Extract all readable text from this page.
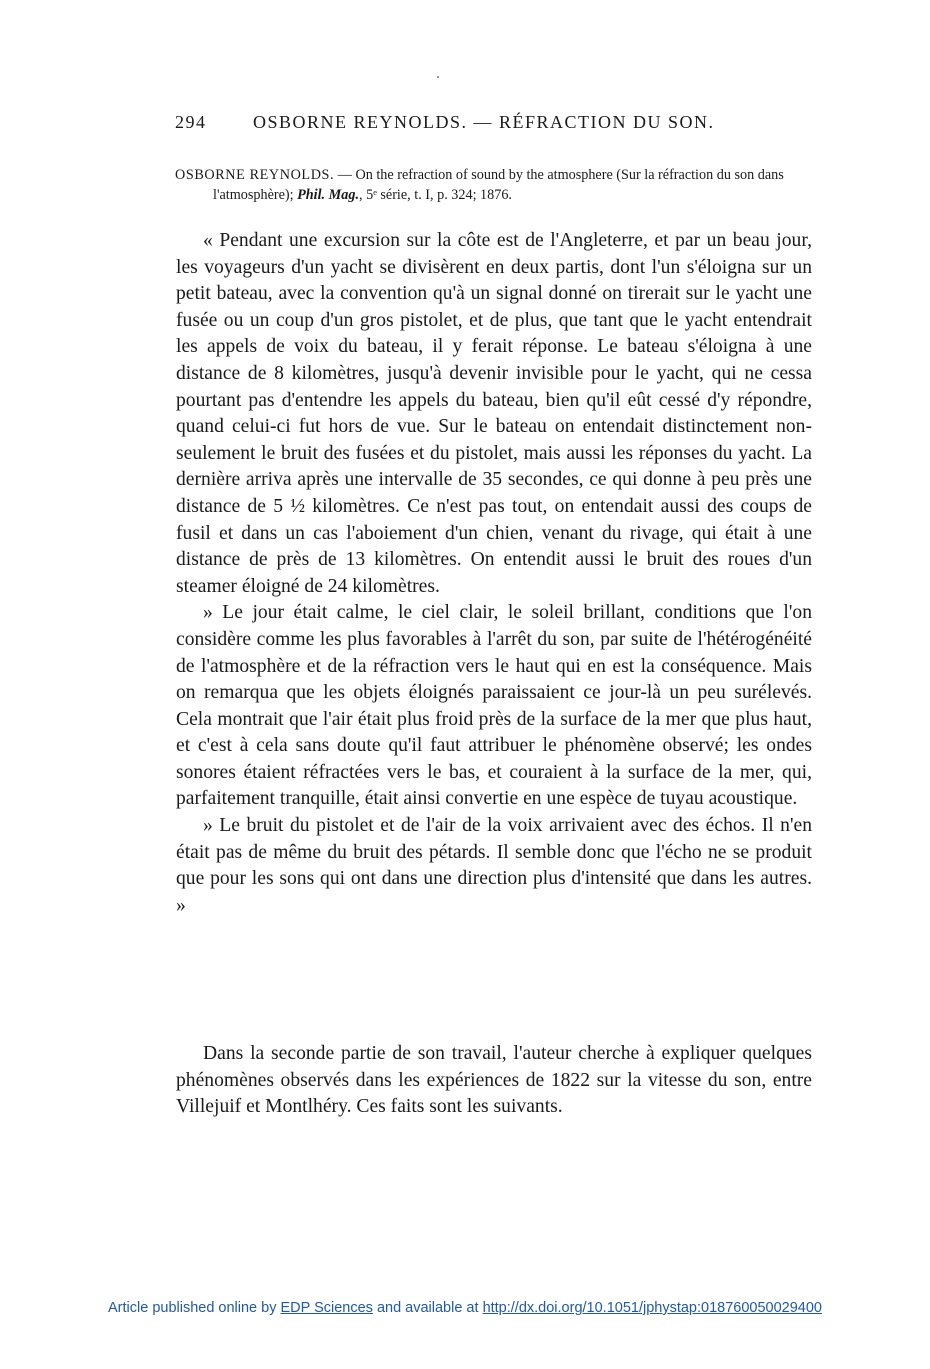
294	OSBORNE REYNOLDS. — RÉFRACTION DU SON.
OSBORNE REYNOLDS. — On the refraction of sound by the atmosphere (Sur la réfraction du son dans l'atmosphère); Phil. Mag., 5ᵉ série, t. I, p. 324; 1876.

« Pendant une excursion sur la côte est de l'Angleterre, et par un beau jour, les voyageurs d'un yacht se divisèrent en deux partis, dont l'un s'éloigna sur un petit bateau, avec la convention qu'à un signal donné on tirerait sur le yacht une fusée ou un coup d'un gros pistolet, et de plus, que tant que le yacht entendrait les appels de voix du bateau, il y ferait réponse. Le bateau s'éloigna à une distance de 8 kilomètres, jusqu'à devenir invisible pour le yacht, qui ne cessa pourtant pas d'entendre les appels du bateau, bien qu'il eût cessé d'y répondre, quand celui-ci fut hors de vue. Sur le bateau on entendait distinctement non-seulement le bruit des fusées et du pistolet, mais aussi les réponses du yacht. La dernière arriva après une intervalle de 35 secondes, ce qui donne à peu près une distance de 5 ½ kilomètres. Ce n'est pas tout, on entendait aussi des coups de fusil et dans un cas l'aboiement d'un chien, venant du rivage, qui était à une distance de près de 13 kilomètres. On entendit aussi le bruit des roues d'un steamer éloigné de 24 kilomètres.

» Le jour était calme, le ciel clair, le soleil brillant, conditions que l'on considère comme les plus favorables à l'arrêt du son, par suite de l'hétérogénéité de l'atmosphère et de la réfraction vers le haut qui en est la conséquence. Mais on remarqua que les objets éloignés paraissaient ce jour-là un peu surélevés. Cela montrait que l'air était plus froid près de la surface de la mer que plus haut, et c'est à cela sans doute qu'il faut attribuer le phénomène observé; les ondes sonores étaient réfractées vers le bas, et couraient à la surface de la mer, qui, parfaitement tranquille, était ainsi convertie en une espèce de tuyau acoustique.

» Le bruit du pistolet et de l'air de la voix arrivaient avec des échos. Il n'en était pas de même du bruit des pétards. Il semble donc que l'écho ne se produit que pour les sons qui ont dans une direction plus d'intensité que dans les autres. »

Dans la seconde partie de son travail, l'auteur cherche à expliquer quelques phénomènes observés dans les expériences de 1822 sur la vitesse du son, entre Villejuif et Montlhéry. Ces faits sont les suivants.

Article published online by EDP Sciences and available at http://dx.doi.org/10.1051/jphystap:018760050029400
